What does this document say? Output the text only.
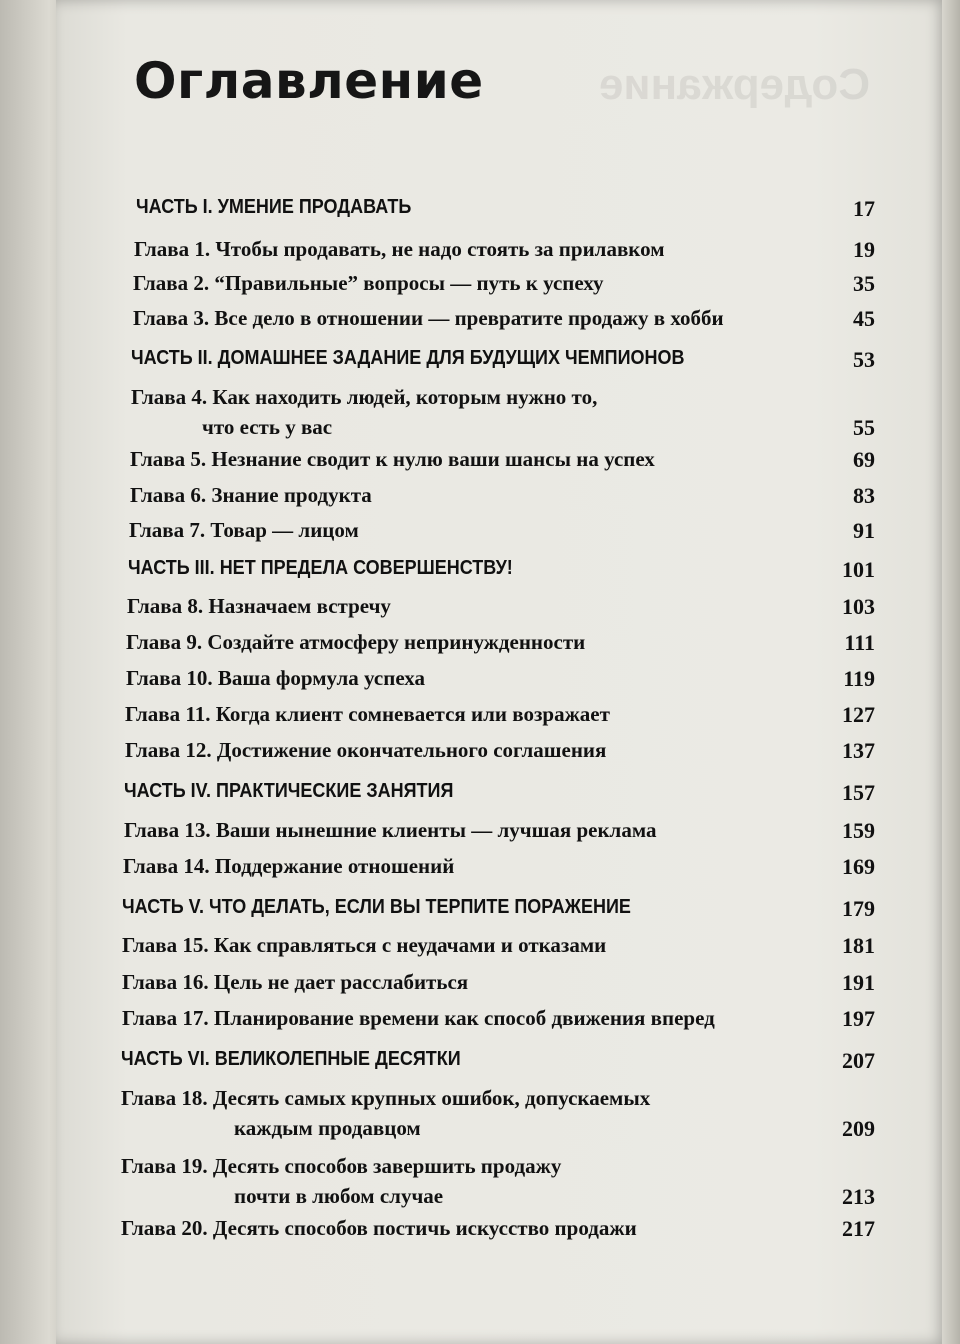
Содержание
Оглавление
ЧАСТЬ I. УМЕНИЕ ПРОДАВАТЬ	17
Глава 1. Чтобы продавать, не надо стоять за прилавком	19
Глава 2. “Правильные” вопросы — путь к успеху	35
Глава 3. Все дело в отношении — превратите продажу в хобби	45
ЧАСТЬ II. ДОМАШНЕЕ ЗАДАНИЕ ДЛЯ БУДУЩИХ ЧЕМПИОНОВ	53
Глава 4. Как находить людей, которым нужно то,
что есть у вас	55
Глава 5. Незнание сводит к нулю ваши шансы на успех	69
Глава 6. Знание продукта	83
Глава 7. Товар — лицом	91
ЧАСТЬ III. НЕТ ПРЕДЕЛА СОВЕРШЕНСТВУ!	101
Глава 8. Назначаем встречу	103
Глава 9. Создайте атмосферу непринужденности	111
Глава 10. Ваша формула успеха	119
Глава 11. Когда клиент сомневается или возражает	127
Глава 12. Достижение окончательного соглашения	137
ЧАСТЬ IV. ПРАКТИЧЕСКИЕ ЗАНЯТИЯ	157
Глава 13. Ваши нынешние клиенты — лучшая реклама	159
Глава 14. Поддержание отношений	169
ЧАСТЬ V. ЧТО ДЕЛАТЬ, ЕСЛИ ВЫ ТЕРПИТЕ ПОРАЖЕНИЕ	179
Глава 15. Как справляться с неудачами и отказами	181
Глава 16. Цель не дает расслабиться	191
Глава 17. Планирование времени как способ движения вперед	197
ЧАСТЬ VI. ВЕЛИКОЛЕПНЫЕ ДЕСЯТКИ	207
Глава 18. Десять самых крупных ошибок, допускаемых
каждым продавцом	209
Глава 19. Десять способов завершить продажу
почти в любом случае	213
Глава 20. Десять способов постичь искусство продажи	217
